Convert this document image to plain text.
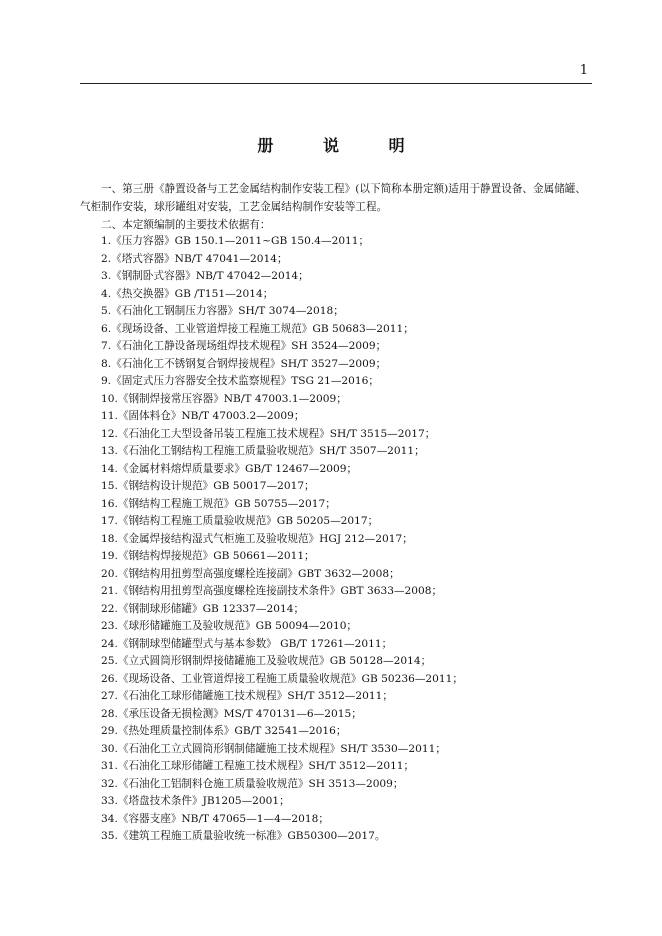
1
册 说 明

一、第三册《静置设备与工艺金属结构制作安装工程》(以下简称本册定额)适用于静置设备、金属储罐、气柜制作安装，球形罐组对安装，工艺金属结构制作安装等工程。

二、本定额编制的主要技术依据有：

1.《压力容器》GB 150.1—2011~GB 150.4—2011；
2.《塔式容器》NB/T 47041—2014；
3.《钢制卧式容器》NB/T 47042—2014；
4.《热交换器》GB /T151—2014；
5.《石油化工钢制压力容器》SH/T 3074—2018；
6.《现场设备、工业管道焊接工程施工规范》GB 50683—2011；
7.《石油化工静设备现场组焊技术规程》SH 3524—2009；
8.《石油化工不锈钢复合钢焊接规程》SH/T 3527—2009；
9.《固定式压力容器安全技术监察规程》TSG 21—2016；
10.《钢制焊接常压容器》NB/T 47003.1—2009；
11.《固体料仓》NB/T 47003.2—2009；
12.《石油化工大型设备吊装工程施工技术规程》SH/T 3515—2017；
13.《石油化工钢结构工程施工质量验收规范》SH/T 3507—2011；
14.《金属材料熔焊质量要求》GB/T 12467—2009；
15.《钢结构设计规范》GB 50017—2017；
16.《钢结构工程施工规范》GB 50755—2017；
17.《钢结构工程施工质量验收规范》GB 50205—2017；
18.《金属焊接结构湿式气柜施工及验收规范》HGJ 212—2017；
19.《钢结构焊接规范》GB 50661—2011；
20.《钢结构用扭剪型高强度螺栓连接副》GBT 3632—2008；
21.《钢结构用扭剪型高强度螺栓连接副技术条件》GBT 3633—2008；
22.《钢制球形储罐》GB 12337—2014；
23.《球形储罐施工及验收规范》GB 50094—2010；
24.《钢制球型储罐型式与基本参数》 GB/T 17261—2011；
25.《立式圆筒形钢制焊接储罐施工及验收规范》GB 50128—2014；
26.《现场设备、工业管道焊接工程施工质量验收规范》GB 50236—2011；
27.《石油化工球形储罐施工技术规程》SH/T 3512—2011；
28.《承压设备无损检测》MS/T 470131—6—2015；
29.《热处理质量控制体系》GB/T 32541—2016；
30.《石油化工立式圆筒形钢制储罐施工技术规程》SH/T 3530—2011；
31.《石油化工球形储罐工程施工技术规程》SH/T 3512—2011；
32.《石油化工铝制料仓施工质量验收规范》SH 3513—2009；
33.《塔盘技术条件》JB1205—2001；
34.《容器支座》NB/T 47065—1—4—2018；
35.《建筑工程施工质量验收统一标准》GB50300—2017。
